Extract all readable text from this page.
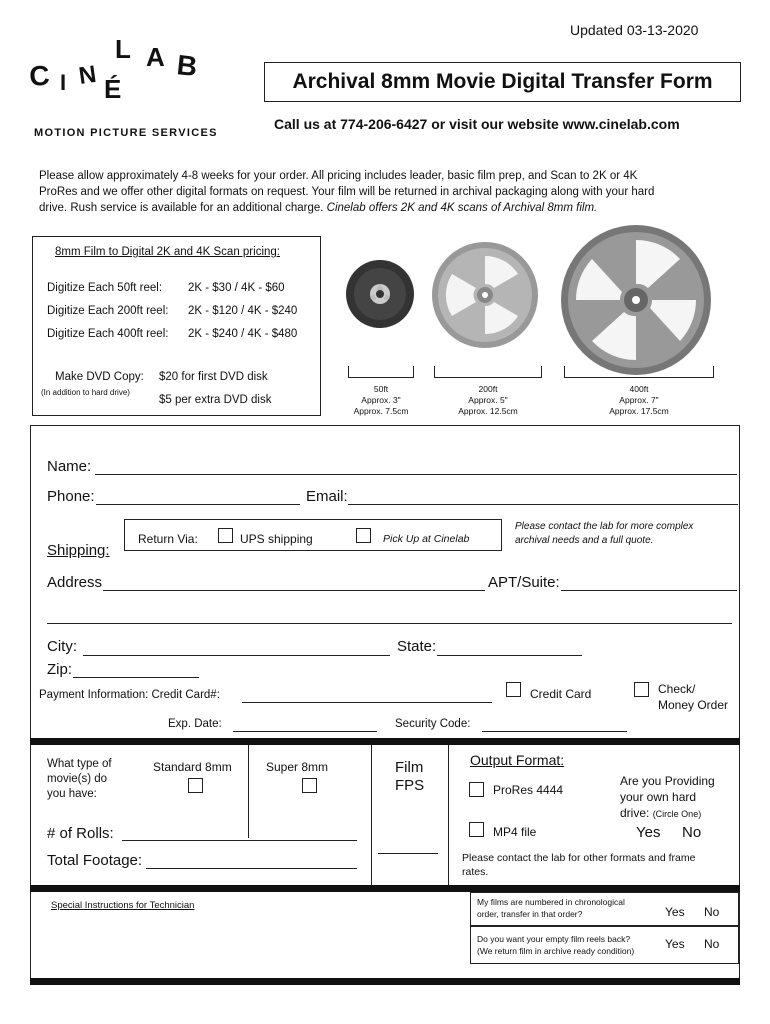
Updated 03-13-2020
C I N É
L A B
MOTION PICTURE SERVICES
Archival 8mm Movie Digital Transfer Form
Call us at 774-206-6427 or visit our website www.cinelab.com
Please allow approximately 4-8 weeks for your order. All pricing includes leader, basic film prep, and Scan to 2K or 4K
ProRes and we offer other digital formats on request. Your film will be returned in archival packaging along with your hard
drive. Rush service is available for an additional charge. Cinelab offers 2K and 4K scans of Archival 8mm film.
8mm Film to Digital 2K and 4K Scan pricing:
Digitize Each 50ft reel: 2K - $30 / 4K - $60
Digitize Each 200ft reel: 2K - $120 / 4K - $240
Digitize Each 400ft reel: 2K - $240 / 4K - $480
Make DVD Copy: $20 for first DVD disk
(In addition to hard drive)
$5 per extra DVD disk
50ft
Approx. 3"
Approx. 7.5cm
200ft
Approx. 5"
Approx. 12.5cm
400ft
Approx. 7"
Approx. 17.5cm
Name:
Phone:	Email:
Shipping:
Return Via:	UPS shipping	Pick Up at Cinelab
Please contact the lab for more complex
archival needs and a full quote.
Address	APT/Suite:
City:	State:
Zip:
Payment Information: Credit Card#:	Credit Card	Check/
Money Order
Exp. Date:	Security Code:
What type of
movie(s) do
you have:
Standard 8mm	Super 8mm	Film
FPS
# of Rolls:
Total Footage:
Output Format:
ProRes 4444
MP4 file
Are you Providing
your own hard
drive: (Circle One)
Yes No
Please contact the lab for other formats and frame
rates.
Special Instructions for Technician	My films are numbered in chronological
order, transfer in that order?	Yes No
Do you want your empty film reels back?
(We return film in archive ready condition)	Yes No
